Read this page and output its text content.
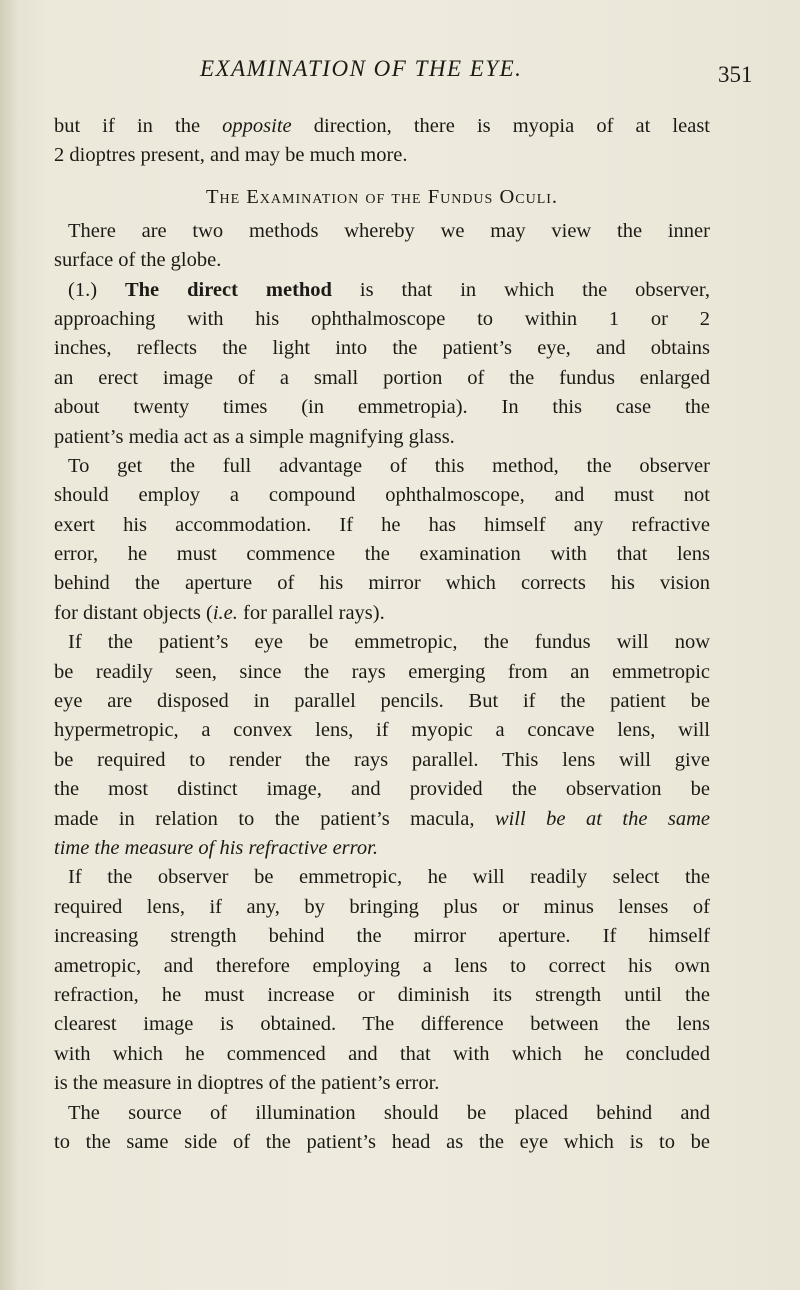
EXAMINATION OF THE EYE.	351
but if in the opposite direction, there is myopia of at least
2 dioptres present, and may be much more.
The Examination of the Fundus Oculi.
There are two methods whereby we may view the inner
surface of the globe.
(1.) The direct method is that in which the observer,
approaching with his ophthalmoscope to within 1 or 2
inches, reflects the light into the patient’s eye, and obtains
an erect image of a small portion of the fundus enlarged
about twenty times (in emmetropia). In this case the
patient’s media act as a simple magnifying glass.
To get the full advantage of this method, the observer
should employ a compound ophthalmoscope, and must not
exert his accommodation. If he has himself any refractive
error, he must commence the examination with that lens
behind the aperture of his mirror which corrects his vision
for distant objects (i.e. for parallel rays).
If the patient’s eye be emmetropic, the fundus will now
be readily seen, since the rays emerging from an emmetropic
eye are disposed in parallel pencils. But if the patient be
hypermetropic, a convex lens, if myopic a concave lens, will
be required to render the rays parallel. This lens will give
the most distinct image, and provided the observation be
made in relation to the patient’s macula, will be at the same
time the measure of his refractive error.
If the observer be emmetropic, he will readily select the
required lens, if any, by bringing plus or minus lenses of
increasing strength behind the mirror aperture. If himself
ametropic, and therefore employing a lens to correct his own
refraction, he must increase or diminish its strength until the
clearest image is obtained. The difference between the lens
with which he commenced and that with which he concluded
is the measure in dioptres of the patient’s error.
The source of illumination should be placed behind and
to the same side of the patient’s head as the eye which is to be
